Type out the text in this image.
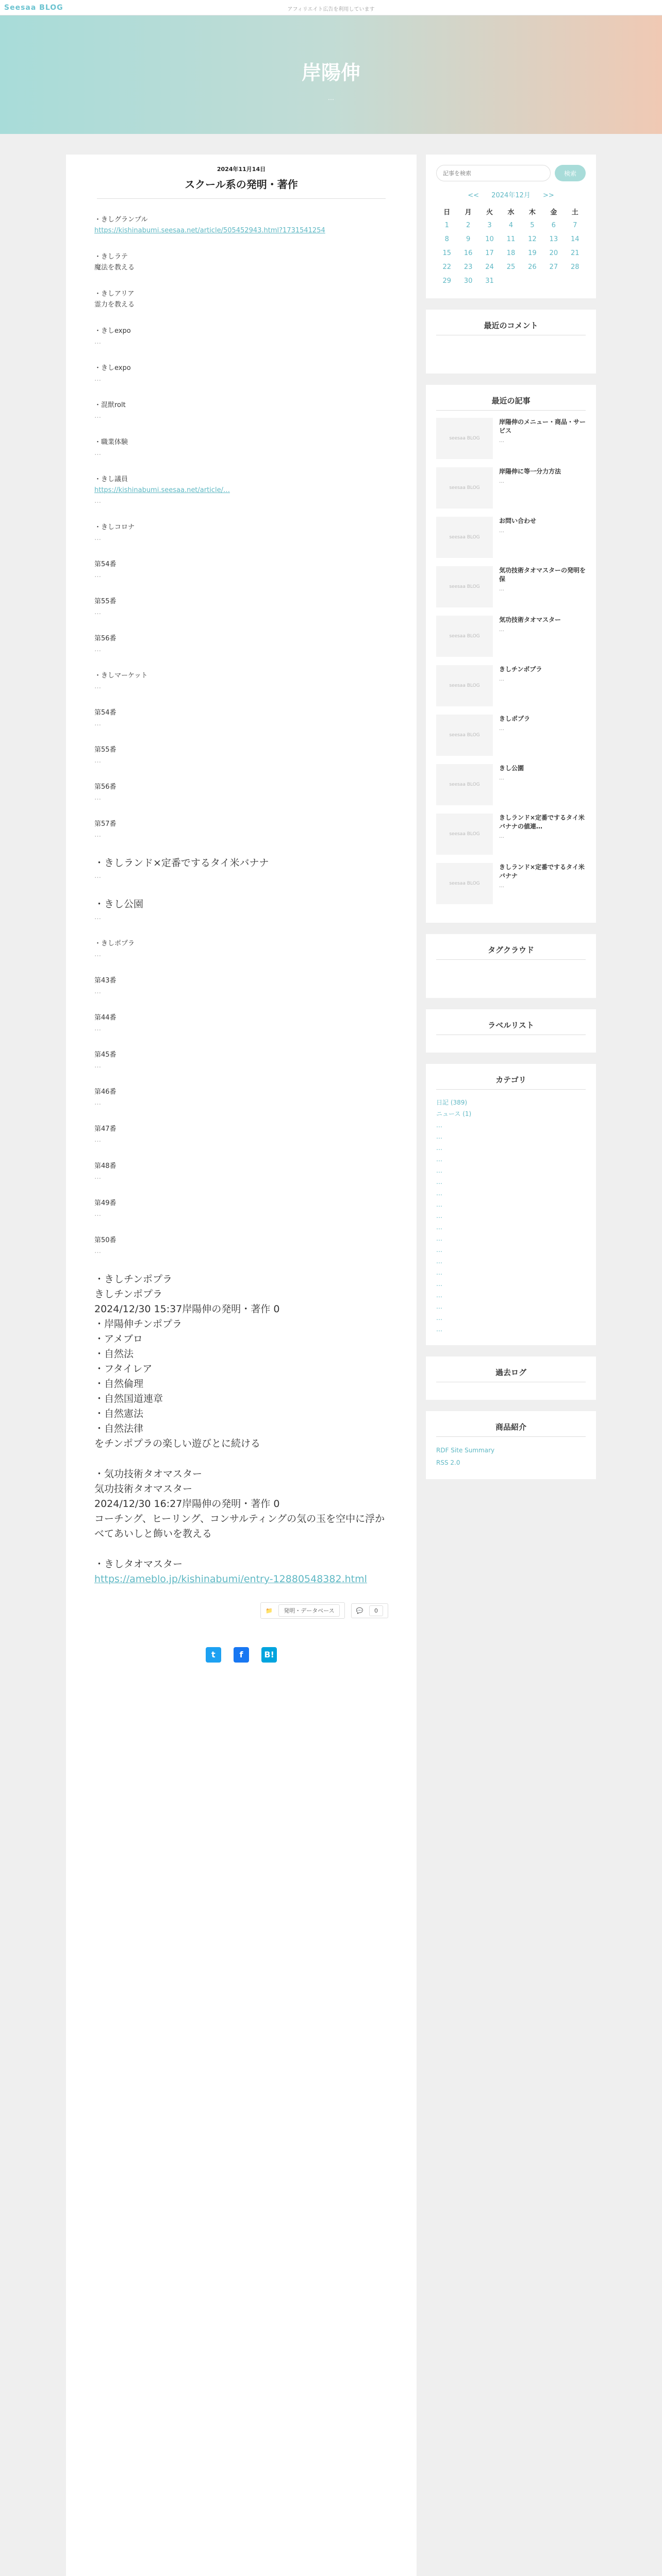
Seesaa BLOG	アフィリエイト広告を利用しています
岸陽伸
…
2024年11月14日
スクール系の発明・著作
・きしグランプル
https://kishinabumi.seesaa.net/article/505452943.html?1731541254
・きしラテ
魔法を教える
・きしアリア
霊力を教える
・きしexpo
…
・きしexpo
…
・混獣rolt
…
・職業体験
…
・きし議員
https://kishinabumi.seesaa.net/article/…
…
・きしコロナ
…
第54番
…
第55番
…
第56番
…
・きしマーケット
…
第54番
…
第55番
…
第56番
…
第57番
…
・きしランド×定番でするタイ米バナナ
…
・きし公園
…
・きしポプラ
…
第43番
…
第44番
…
第45番
…
第46番
…
第47番
…
第48番
…
第49番
…
第50番
…
・きしチンポプラ
きしチンポプラ
2024/12/30 15:37岸陽伸の発明・著作 0
・岸陽伸チンポプラ
・アメブロ
・自然法
・フタイレア
・自然倫理
・自然国道連章
・自然憲法
・自然法律
をチンポプラの楽しい遊びとに続ける
・気功技術タオマスター
気功技術タオマスター
2024/12/30 16:27岸陽伸の発明・著作 0
コーチング、ヒーリング、コンサルティングの気の玉を空中に浮かべてあいしと飾いを教える
・きしタオマスター
https://ameblo.jp/kishinabumi/entry-12880548382.html
📁 発明・データベース	💬 0
t	f	B!
記事を検索
検索
<< 2024年12月 >>
日	月	火	水	木	金	土
1	2	3	4	5	6	7
8	9	10	11	12	13	14
15	16	17	18	19	20	21
22	23	24	25	26	27	28
29	30	31				
最近のコメント
最近の記事
seesaa BLOG
岸陽伸のメニュー・商品・サービス
…
seesaa BLOG
岸陽伸に等一分力方法
…
seesaa BLOG
お問い合わせ
…
seesaa BLOG
気功技術タオマスターの発明を保
…
seesaa BLOG
気功技術タオマスター
…
seesaa BLOG
きしチンポプラ
…
seesaa BLOG
きしポプラ
…
seesaa BLOG
きし公園
…
seesaa BLOG
きしランド×定番でするタイ米バナナの値連…
…
seesaa BLOG
きしランド×定番でするタイ米バナナ
…
タグクラウド
ラベルリスト
カテゴリ
日記 (389)
ニュース (1)
…
…
…
…
…
…
…
…
…
…
…
…
…
…
…
…
…
…
…
過去ログ
商品紹介
RDF Site Summary
RSS 2.0
